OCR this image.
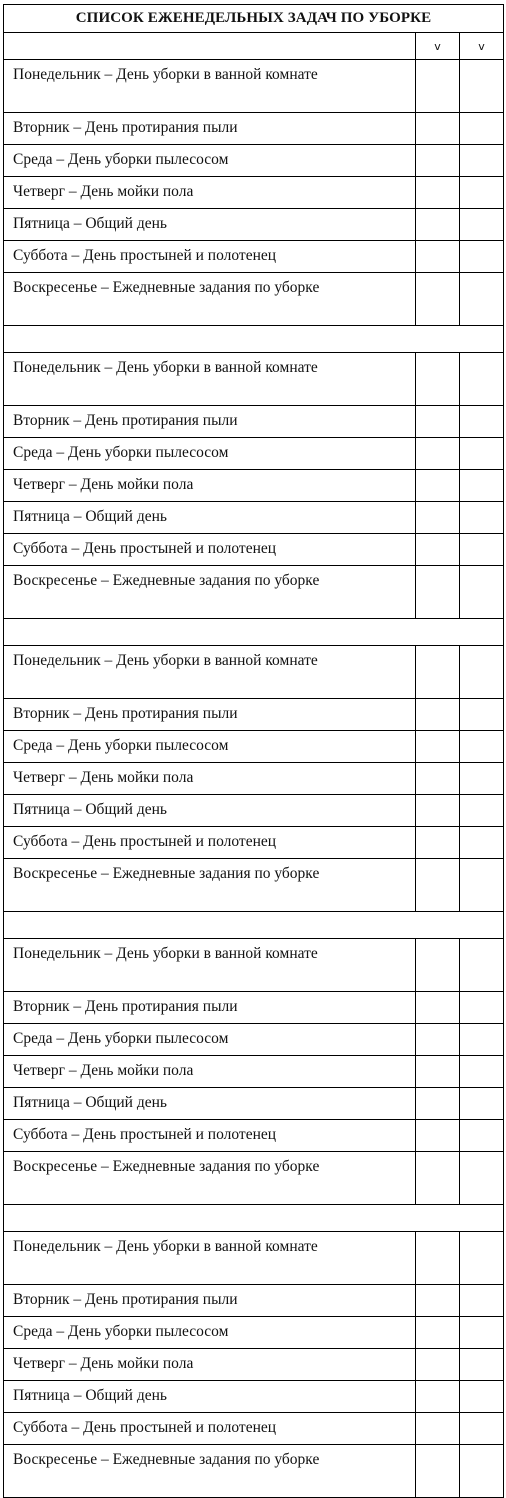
СПИСОК ЕЖЕНЕДЕЛЬНЫХ ЗАДАЧ ПО УБОРКЕ		
	v	v
Понедельник – День уборки в ванной комнате		
Вторник – День протирания пыли		
Среда – День уборки пылесосом		
Четверг – День мойки пола		
Пятница – Общий день		
Суббота – День простыней и полотенец		
Воскресенье – Ежедневные задания по уборке		

Понедельник – День уборки в ванной комнате		
Вторник – День протирания пыли		
Среда – День уборки пылесосом		
Четверг – День мойки пола		
Пятница – Общий день		
Суббота – День простыней и полотенец		
Воскресенье – Ежедневные задания по уборке		

Понедельник – День уборки в ванной комнате		
Вторник – День протирания пыли		
Среда – День уборки пылесосом		
Четверг – День мойки пола		
Пятница – Общий день		
Суббота – День простыней и полотенец		
Воскресенье – Ежедневные задания по уборке		

Понедельник – День уборки в ванной комнате		
Вторник – День протирания пыли		
Среда – День уборки пылесосом		
Четверг – День мойки пола		
Пятница – Общий день		
Суббота – День простыней и полотенец		
Воскресенье – Ежедневные задания по уборке		

Понедельник – День уборки в ванной комнате		
Вторник – День протирания пыли		
Среда – День уборки пылесосом		
Четверг – День мойки пола		
Пятница – Общий день		
Суббота – День простыней и полотенец		
Воскресенье – Ежедневные задания по уборке		
